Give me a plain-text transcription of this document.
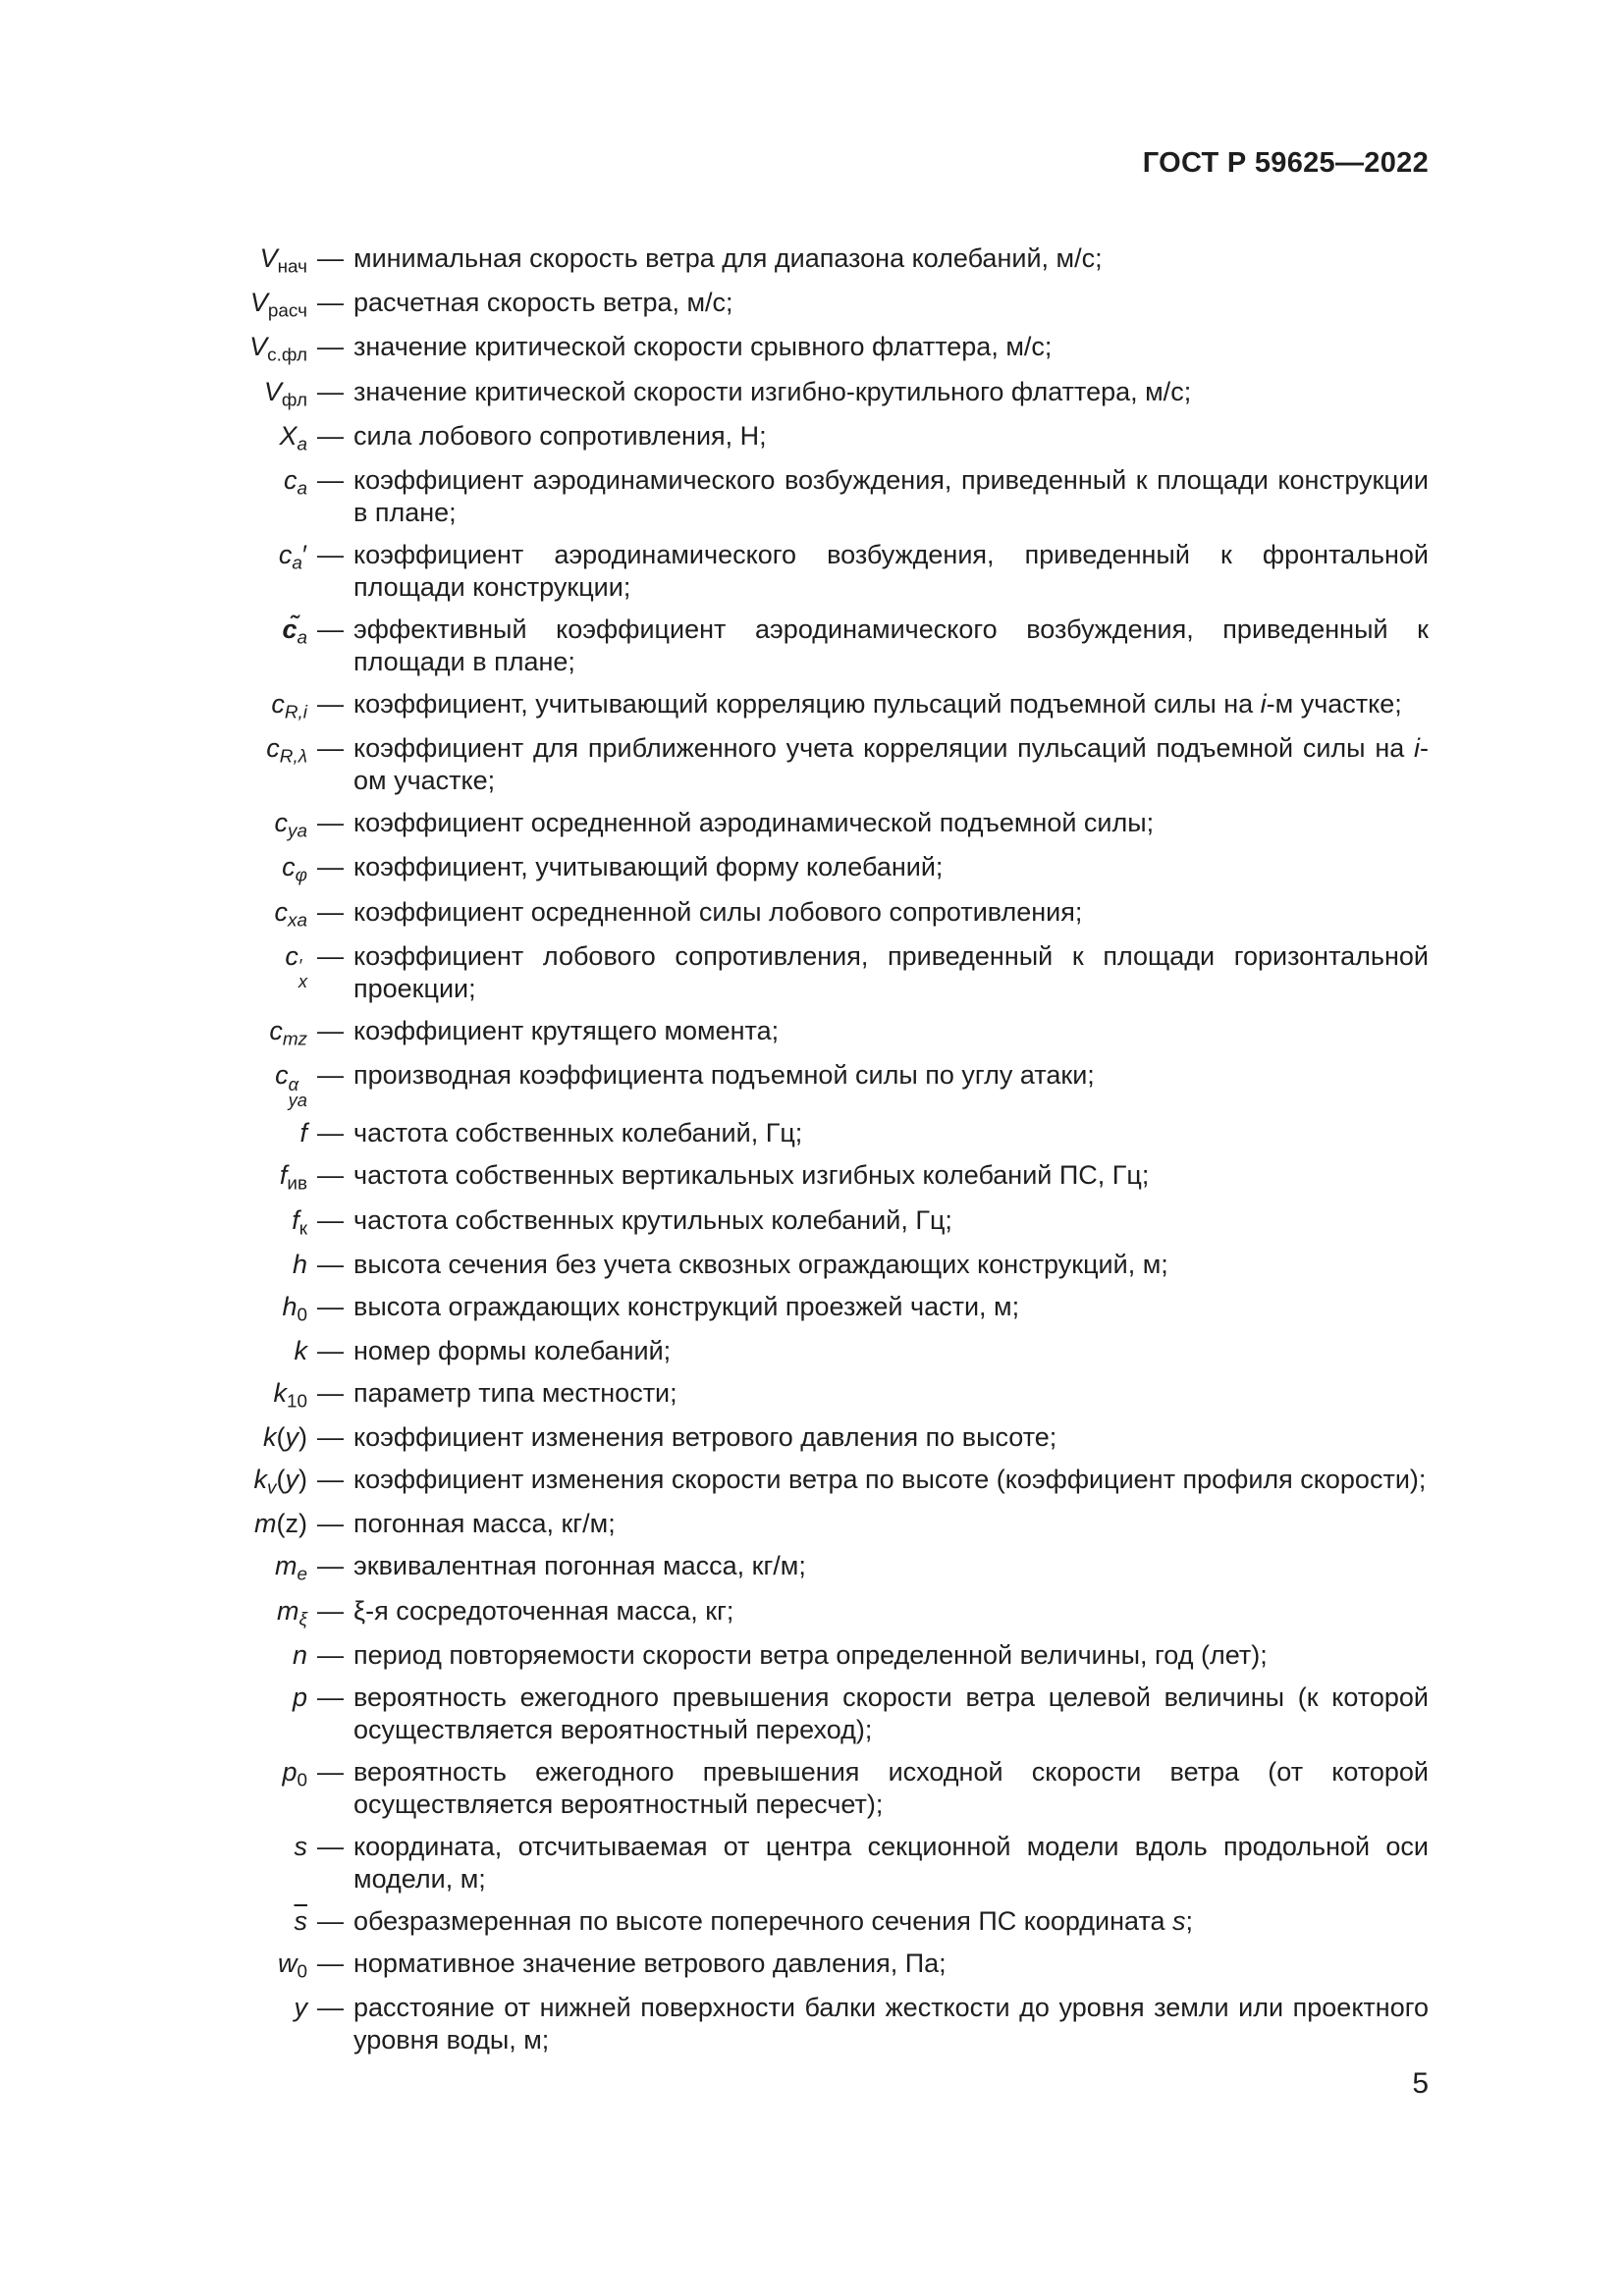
ГОСТ Р 59625—2022
$V_{нач}$ — минимальная скорость ветра для диапазона колебаний, м/с;
$V_{расч}$ — расчетная скорость ветра, м/с;
$V_{с.фл}$ — значение критической скорости срывного флаттера, м/с;
$V_{фл}$ — значение критической скорости изгибно-крутильного флаттера, м/с;
$X_a$ — сила лобового сопротивления, Н;
$c_a$ — коэффициент аэродинамического возбуждения, приведенный к площади конструкции в плане;
$c_a'$ — коэффициент аэродинамического возбуждения, приведенный к фронтальной площади конструкции;
$c̃_a$ — эффективный коэффициент аэродинамического возбуждения, приведенный к площади в плане;
$c_{R,i}$ — коэффициент, учитывающий корреляцию пульсаций подъемной силы на i-м участке;
$c_{R,\lambda}$ — коэффициент для приближенного учета корреляции пульсаций подъемной силы на i-ом участке;
$c_{ya}$ — коэффициент осредненной аэродинамической подъемной силы;
$c_\varphi$ — коэффициент, учитывающий форму колебаний;
$c_{xa}$ — коэффициент осредненной силы лобового сопротивления;
c ′
x
— коэффициент лобового сопротивления, приведенный к площади горизонтальной проекции;
$c_{mz}$ — коэффициент крутящего момента;
c α
ya
— производная коэффициента подъемной силы по углу атаки;
f — частота собственных колебаний, Гц;
$f_{ив}$ — частота собственных вертикальных изгибных колебаний ПС, Гц;
$f_к$ — частота собственных крутильных колебаний, Гц;
h — высота сечения без учета сквозных ограждающих конструкций, м;
$h_0$ — высота ограждающих конструкций проезжей части, м;
k — номер формы колебаний;
$k_{10}$ — параметр типа местности;
k(y) — коэффициент изменения ветрового давления по высоте;
$k_v(y)$ — коэффициент изменения скорости ветра по высоте (коэффициент профиля скорости);
m(z) — погонная масса, кг/м;
$m_e$ — эквивалентная погонная масса, кг/м;
$m_\xi$ — ξ-я сосредоточенная масса, кг;
n — период повторяемости скорости ветра определенной величины, год (лет);
p — вероятность ежегодного превышения скорости ветра целевой величины (к которой осуществляется вероятностный переход);
$p_0$ — вероятность ежегодного превышения исходной скорости ветра (от которой осуществляется вероятностный пересчет);
s — координата, отсчитываемая от центра секционной модели вдоль продольной оси модели, м;
$\overline{s}$ — обезразмеренная по высоте поперечного сечения ПС координата s;
$w_0$ — нормативное значение ветрового давления, Па;
y — расстояние от нижней поверхности балки жесткости до уровня земли или проектного уровня воды, м;
5
